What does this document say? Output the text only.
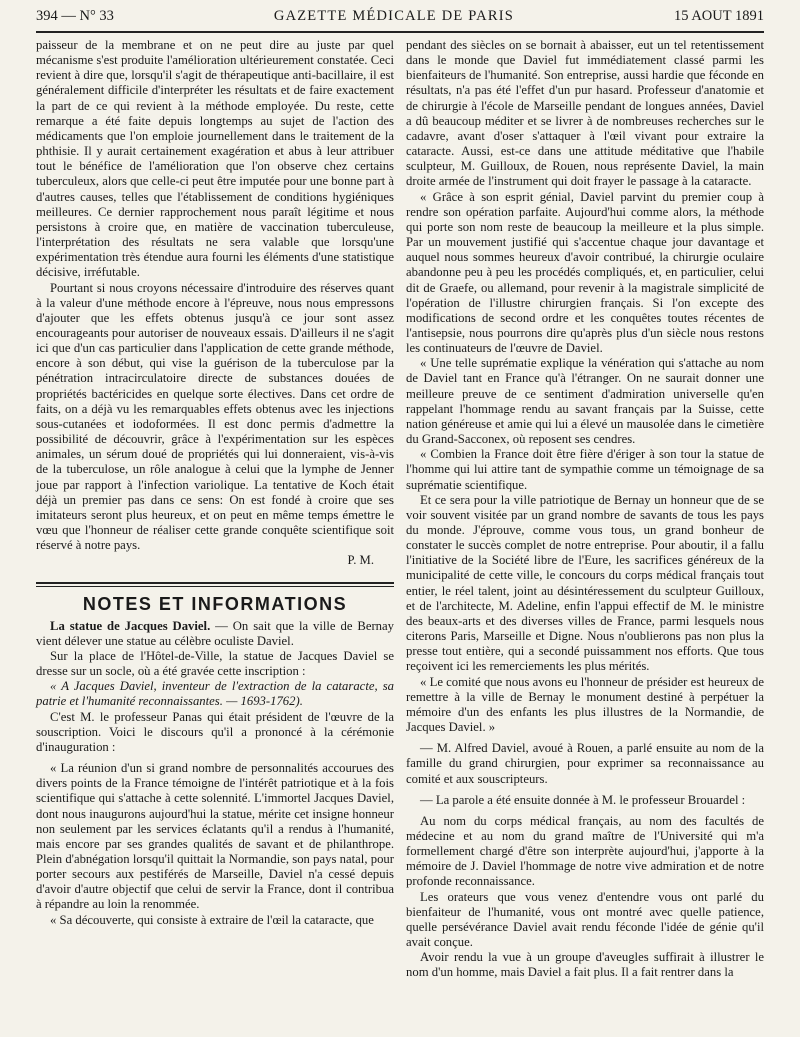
394 — N° 33	GAZETTE MÉDICALE DE PARIS	15 AOUT 1891

paisseur de la membrane et on ne peut dire au juste par quel mécanisme s'est produite l'amélioration ultérieurement constatée. Ceci revient à dire que, lorsqu'il s'agit de thérapeutique anti-bacillaire, il est généralement difficile d'interpréter les résultats et de faire exactement la part de ce qui revient à la méthode employée. Du reste, cette remarque a été faite depuis longtemps au sujet de l'action des médicaments que l'on emploie journellement dans le traitement de la phthisie. Il y aurait certainement exagération et abus à leur attribuer tout le bénéfice de l'amélioration que l'on observe chez certains tuberculeux, alors que celle-ci peut être imputée pour une bonne part à d'autres causes, telles que l'établissement de conditions hygiéniques meilleures. Ce dernier rapprochement nous paraît légitime et nous persistons à croire que, en matière de vaccination tuberculeuse, l'interprétation des résultats ne sera valable que lorsqu'une expérimentation très étendue aura fourni les éléments d'une statistique décisive, irréfutable.

Pourtant si nous croyons nécessaire d'introduire des réserves quant à la valeur d'une méthode encore à l'épreuve, nous nous empressons d'ajouter que les effets obtenus jusqu'à ce jour sont assez encourageants pour autoriser de nouveaux essais. D'ailleurs il ne s'agit ici que d'un cas particulier dans l'application de cette grande méthode, encore à son début, qui vise la guérison de la tuberculose par la pénétration intracirculatoire directe de substances douées de propriétés bactéricides en quelque sorte électives. Dans cet ordre de faits, on a déjà vu les remarquables effets obtenus avec les injections sous-cutanées et iodoformées. Il est donc permis d'admettre la possibilité de découvrir, grâce à l'expérimentation sur les espèces animales, un sérum doué de propriétés qui lui donneraient, vis-à-vis de la tuberculose, un rôle analogue à celui que la lymphe de Jenner joue par rapport à l'infection variolique. La tentative de Koch était déjà un premier pas dans ce sens: On est fondé à croire que ses imitateurs seront plus heureux, et on peut en même temps émettre le vœu que l'honneur de réaliser cette grande conquête scientifique soit réservé à notre pays.

P. M.
NOTES ET INFORMATIONS

La statue de Jacques Daviel. — On sait que la ville de Bernay vient délever une statue au célèbre oculiste Daviel.

Sur la place de l'Hôtel-de-Ville, la statue de Jacques Daviel se dresse sur un socle, où a été gravée cette inscription :

« A Jacques Daviel, inventeur de l'extraction de la cataracte, sa patrie et l'humanité reconnaissantes. — 1693-1762).

C'est M. le professeur Panas qui était président de l'œuvre de la souscription. Voici le discours qu'il a prononcé à la cérémonie d'inauguration :

« La réunion d'un si grand nombre de personnalités accourues des divers points de la France témoigne de l'intérêt patriotique et à la fois scientifique qui s'attache à cette solennité. L'immortel Jacques Daviel, dont nous inaugurons aujourd'hui la statue, mérite cet insigne honneur non seulement par les services éclatants qu'il a rendus à l'humanité, mais encore par ses grandes qualités de savant et de philanthrope. Plein d'abnégation lorsqu'il quittait la Normandie, son pays natal, pour porter secours aux pestiférés de Marseille, Daviel n'a cessé depuis d'avoir d'autre objectif que celui de servir la France, dont il contribua à répandre au loin la renommée.

« Sa découverte, qui consiste à extraire de l'œil la cataracte, que

pendant des siècles on se bornait à abaisser, eut un tel retentissement dans le monde que Daviel fut immédiatement classé parmi les bienfaiteurs de l'humanité. Son entreprise, aussi hardie que féconde en résultats, n'a pas été l'effet d'un pur hasard. Professeur d'anatomie et de chirurgie à l'école de Marseille pendant de longues années, Daviel a dû beaucoup méditer et se livrer à de nombreuses recherches sur le cadavre, avant d'oser s'attaquer à l'œil vivant pour extraire la cataracte. Aussi, est-ce dans une attitude méditative que l'habile sculpteur, M. Guilloux, de Rouen, nous représente Daviel, la main droite armée de l'instrument qui doit frayer le passage à la cataracte.

« Grâce à son esprit génial, Daviel parvint du premier coup à rendre son opération parfaite. Aujourd'hui comme alors, la méthode qui porte son nom reste de beaucoup la meilleure et la plus simple. Par un mouvement justifié qui s'accentue chaque jour davantage et auquel nous sommes heureux d'avoir contribué, la chirurgie oculaire abandonne peu à peu les procédés compliqués, et, en particulier, celui dit de Graefe, ou allemand, pour revenir à la magistrale simplicité de l'opération de l'illustre chirurgien français. Si l'on excepte des modifications de second ordre et les conquêtes toutes récentes de l'antisepsie, nous pourrons dire qu'après plus d'un siècle nous restons les continuateurs de l'œuvre de Daviel.

« Une telle suprématie explique la vénération qui s'attache au nom de Daviel tant en France qu'à l'étranger. On ne saurait donner une meilleure preuve de ce sentiment d'admiration universelle qu'en rappelant l'hommage rendu au savant français par la Suisse, cette nation généreuse et amie qui lui a élevé un mausolée dans le cimetière du Grand-Sacconex, où reposent ses cendres.

« Combien la France doit être fière d'ériger à son tour la statue de l'homme qui lui attire tant de sympathie comme un témoignage de sa suprématie scientifique.

Et ce sera pour la ville patriotique de Bernay un honneur que de se voir souvent visitée par un grand nombre de savants de tous les pays du monde. J'éprouve, comme vous tous, un grand bonheur de constater le succès complet de notre entreprise. Pour aboutir, il a fallu l'initiative de la Société libre de l'Eure, les sacrifices généreux de la municipalité de cette ville, le concours du corps médical français tout entier, le réel talent, joint au désintéressement du sculpteur Guilloux, et de l'architecte, M. Adeline, enfin l'appui effectif de M. le ministre des beaux-arts et des diverses villes de France, parmi lesquels nous citerons Paris, Marseille et Digne. Nous n'oublierons pas non plus la presse tout entière, qui a secondé puissamment nos efforts. Que tous reçoivent ici les remerciements les plus mérités.

« Le comité que nous avons eu l'honneur de présider est heureux de remettre à la ville de Bernay le monument destiné à perpétuer la mémoire d'un des enfants les plus illustres de la Normandie, de Jacques Daviel. »

— M. Alfred Daviel, avoué à Rouen, a parlé ensuite au nom de la famille du grand chirurgien, pour exprimer sa reconnaissance au comité et aux souscripteurs.

— La parole a été ensuite donnée à M. le professeur Brouardel :

Au nom du corps médical français, au nom des facultés de médecine et au nom du grand maître de l'Université qui m'a formellement chargé d'être son interprète aujourd'hui, j'apporte à la mémoire de J. Daviel l'hommage de notre vive admiration et de notre profonde reconnaissance.

Les orateurs que vous venez d'entendre vous ont parlé du bienfaiteur de l'humanité, vous ont montré avec quelle patience, quelle persévérance Daviel avait rendu féconde l'idée de génie qu'il avait conçue.

Avoir rendu la vue à un groupe d'aveugles suffirait à illustrer le nom d'un homme, mais Daviel a fait plus. Il a fait rentrer dans la
